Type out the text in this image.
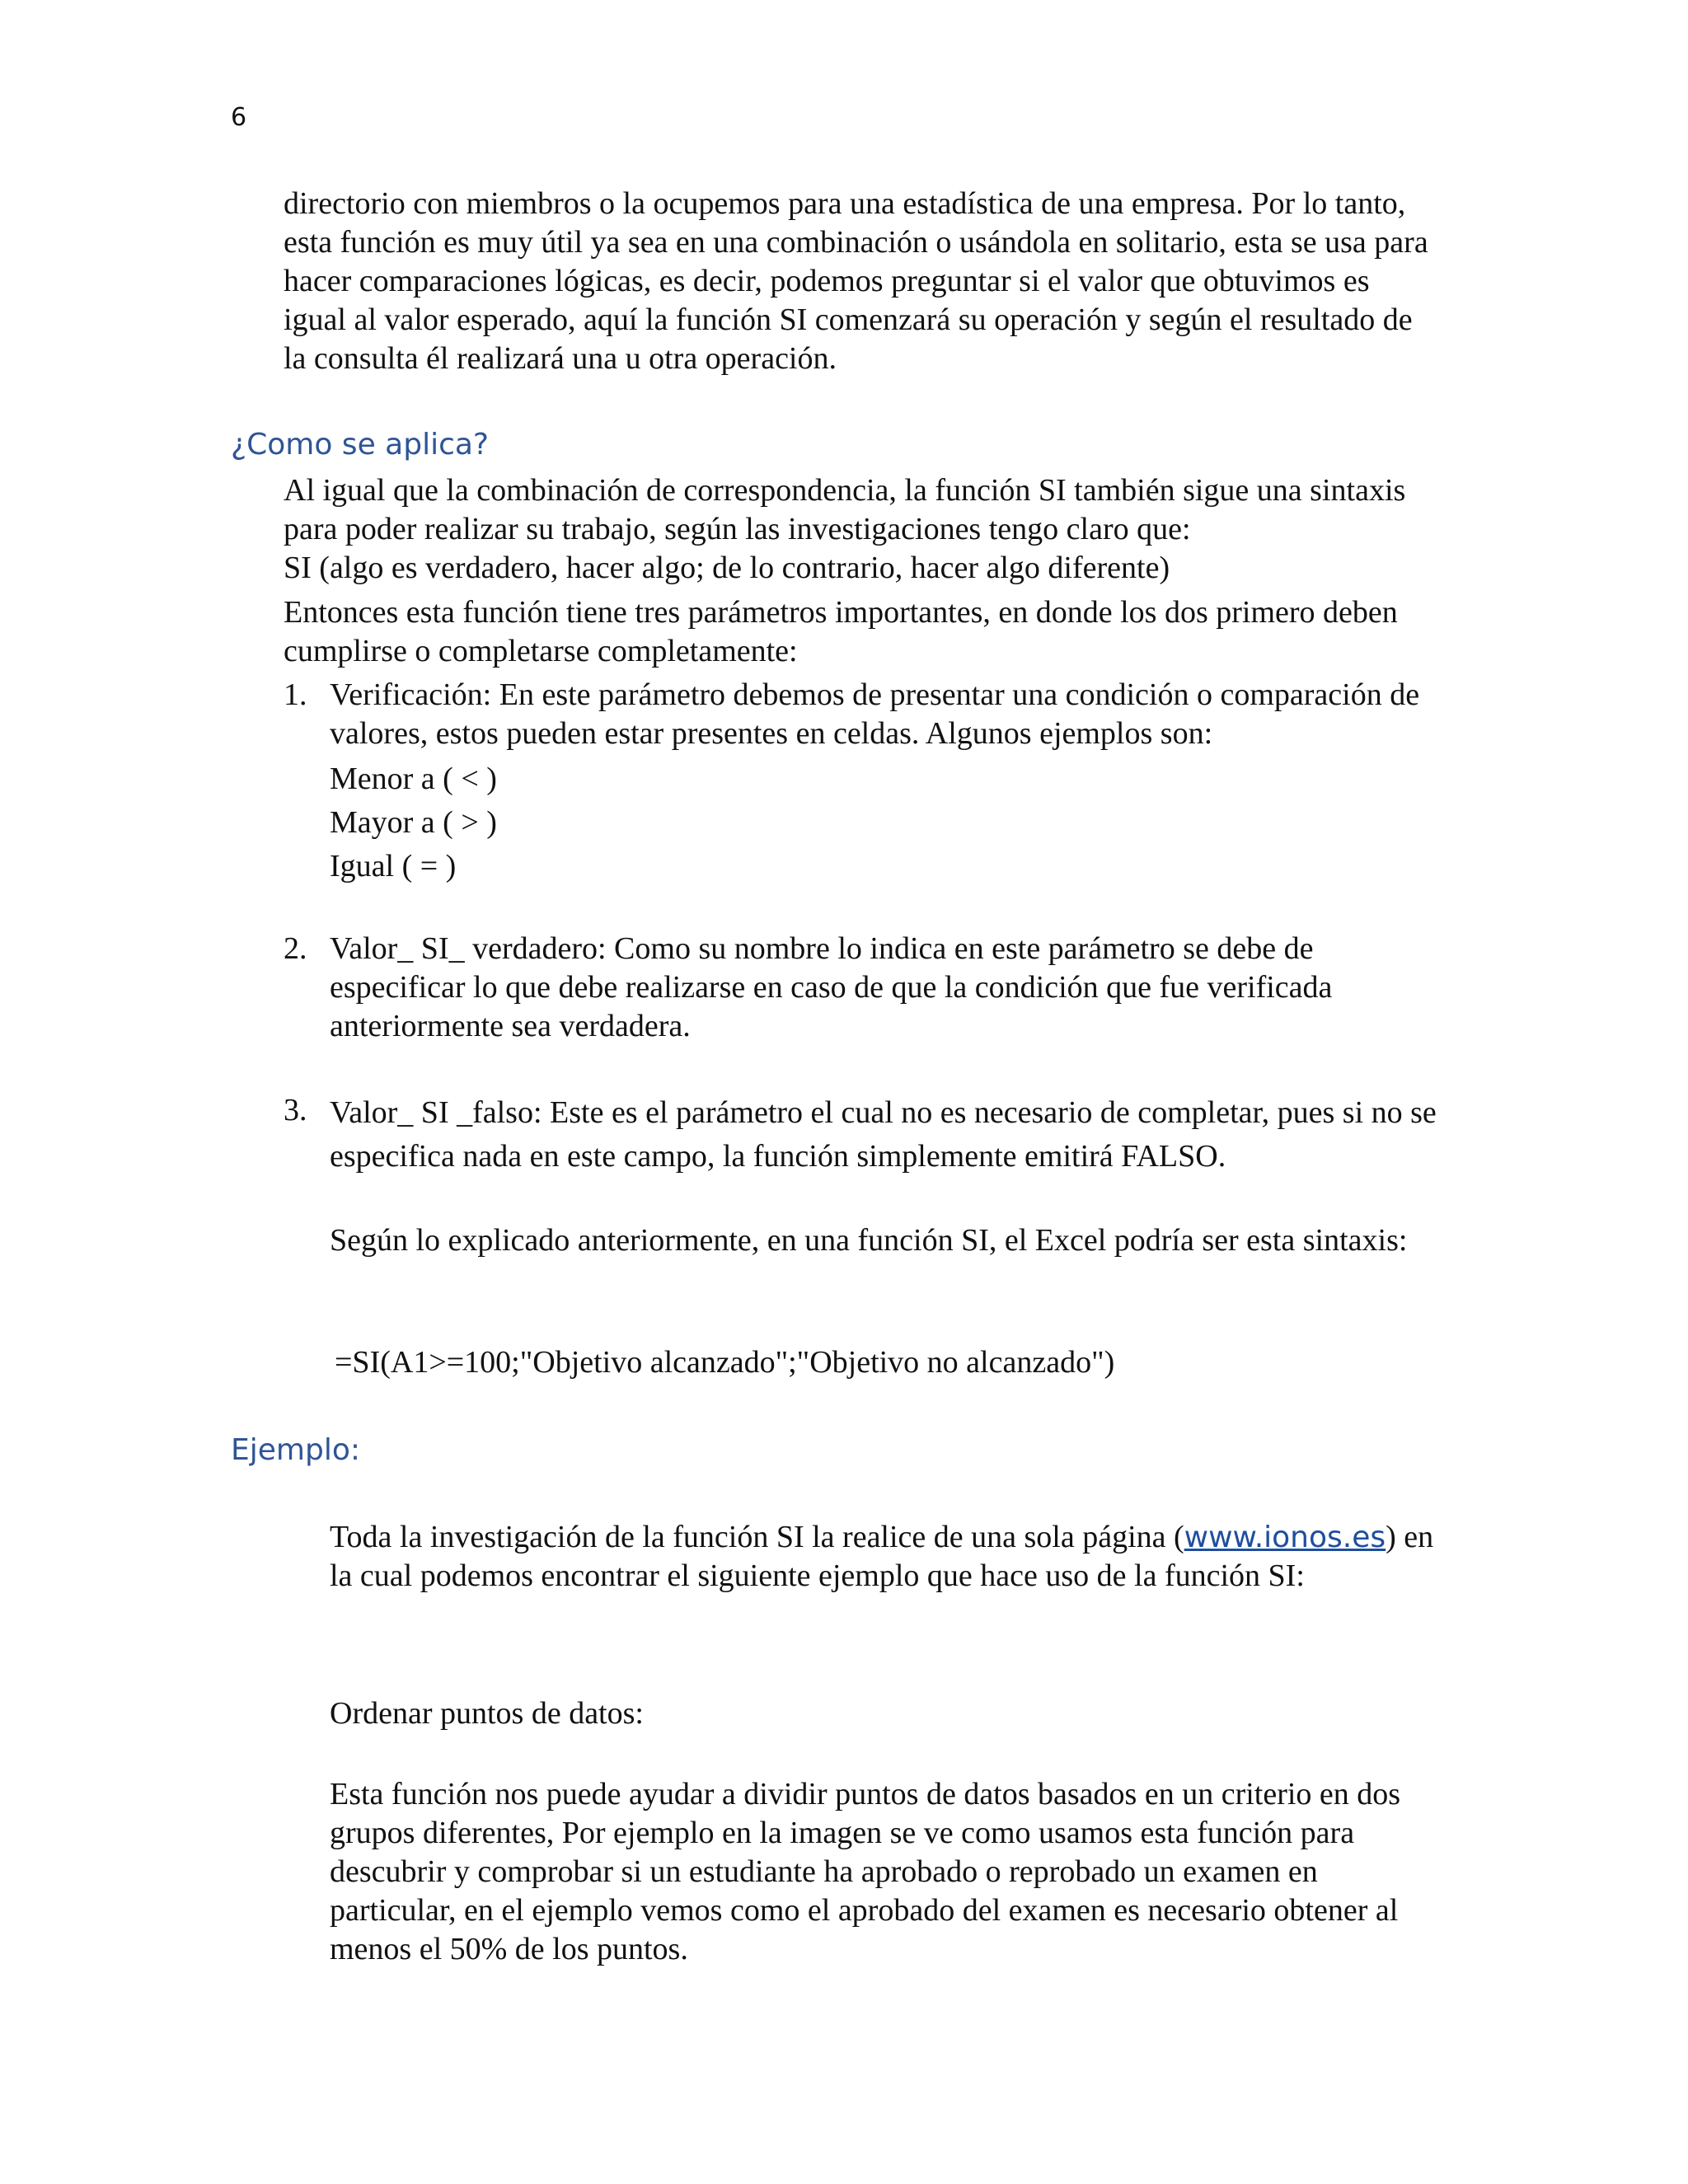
6

directorio con miembros o la ocupemos para una estadística de una empresa. Por lo tanto, esta función es muy útil ya sea en una combinación o usándola en solitario, esta se usa para hacer comparaciones lógicas, es decir, podemos preguntar si el valor que obtuvimos es igual al valor esperado, aquí la función SI comenzará su operación y según el resultado de la consulta él realizará una u otra operación.

¿Como se aplica?

Al igual que la combinación de correspondencia, la función SI también sigue una sintaxis para poder realizar su trabajo, según las investigaciones tengo claro que:

SI (algo es verdadero, hacer algo; de lo contrario, hacer algo diferente)

Entonces esta función tiene tres parámetros importantes, en donde los dos primero deben cumplirse o completarse completamente:

1. Verificación: En este parámetro debemos de presentar una condición o comparación de valores, estos pueden estar presentes en celdas. Algunos ejemplos son:
Menor a ( < )
Mayor a ( > )
Igual ( = )
2. Valor_ SI_ verdadero: Como su nombre lo indica en este parámetro se debe de especificar lo que debe realizarse en caso de que la condición que fue verificada anteriormente sea verdadera.
3. Valor_ SI _falso: Este es el parámetro el cual no es necesario de completar, pues si no se especifica nada en este campo, la función simplemente emitirá FALSO.

Según lo explicado anteriormente, en una función SI, el Excel podría ser esta sintaxis:

=SI(A1>=100;"Objetivo alcanzado";"Objetivo no alcanzado")

Ejemplo:

Toda la investigación de la función SI la realice de una sola página (www.ionos.es) en la cual podemos encontrar el siguiente ejemplo que hace uso de la función SI:

Ordenar puntos de datos:

Esta función nos puede ayudar a dividir puntos de datos basados en un criterio en dos grupos diferentes, Por ejemplo en la imagen se ve como usamos esta función para descubrir y comprobar si un estudiante ha aprobado o reprobado un examen en particular, en el ejemplo vemos como el aprobado del examen es necesario obtener al menos el 50% de los puntos.
